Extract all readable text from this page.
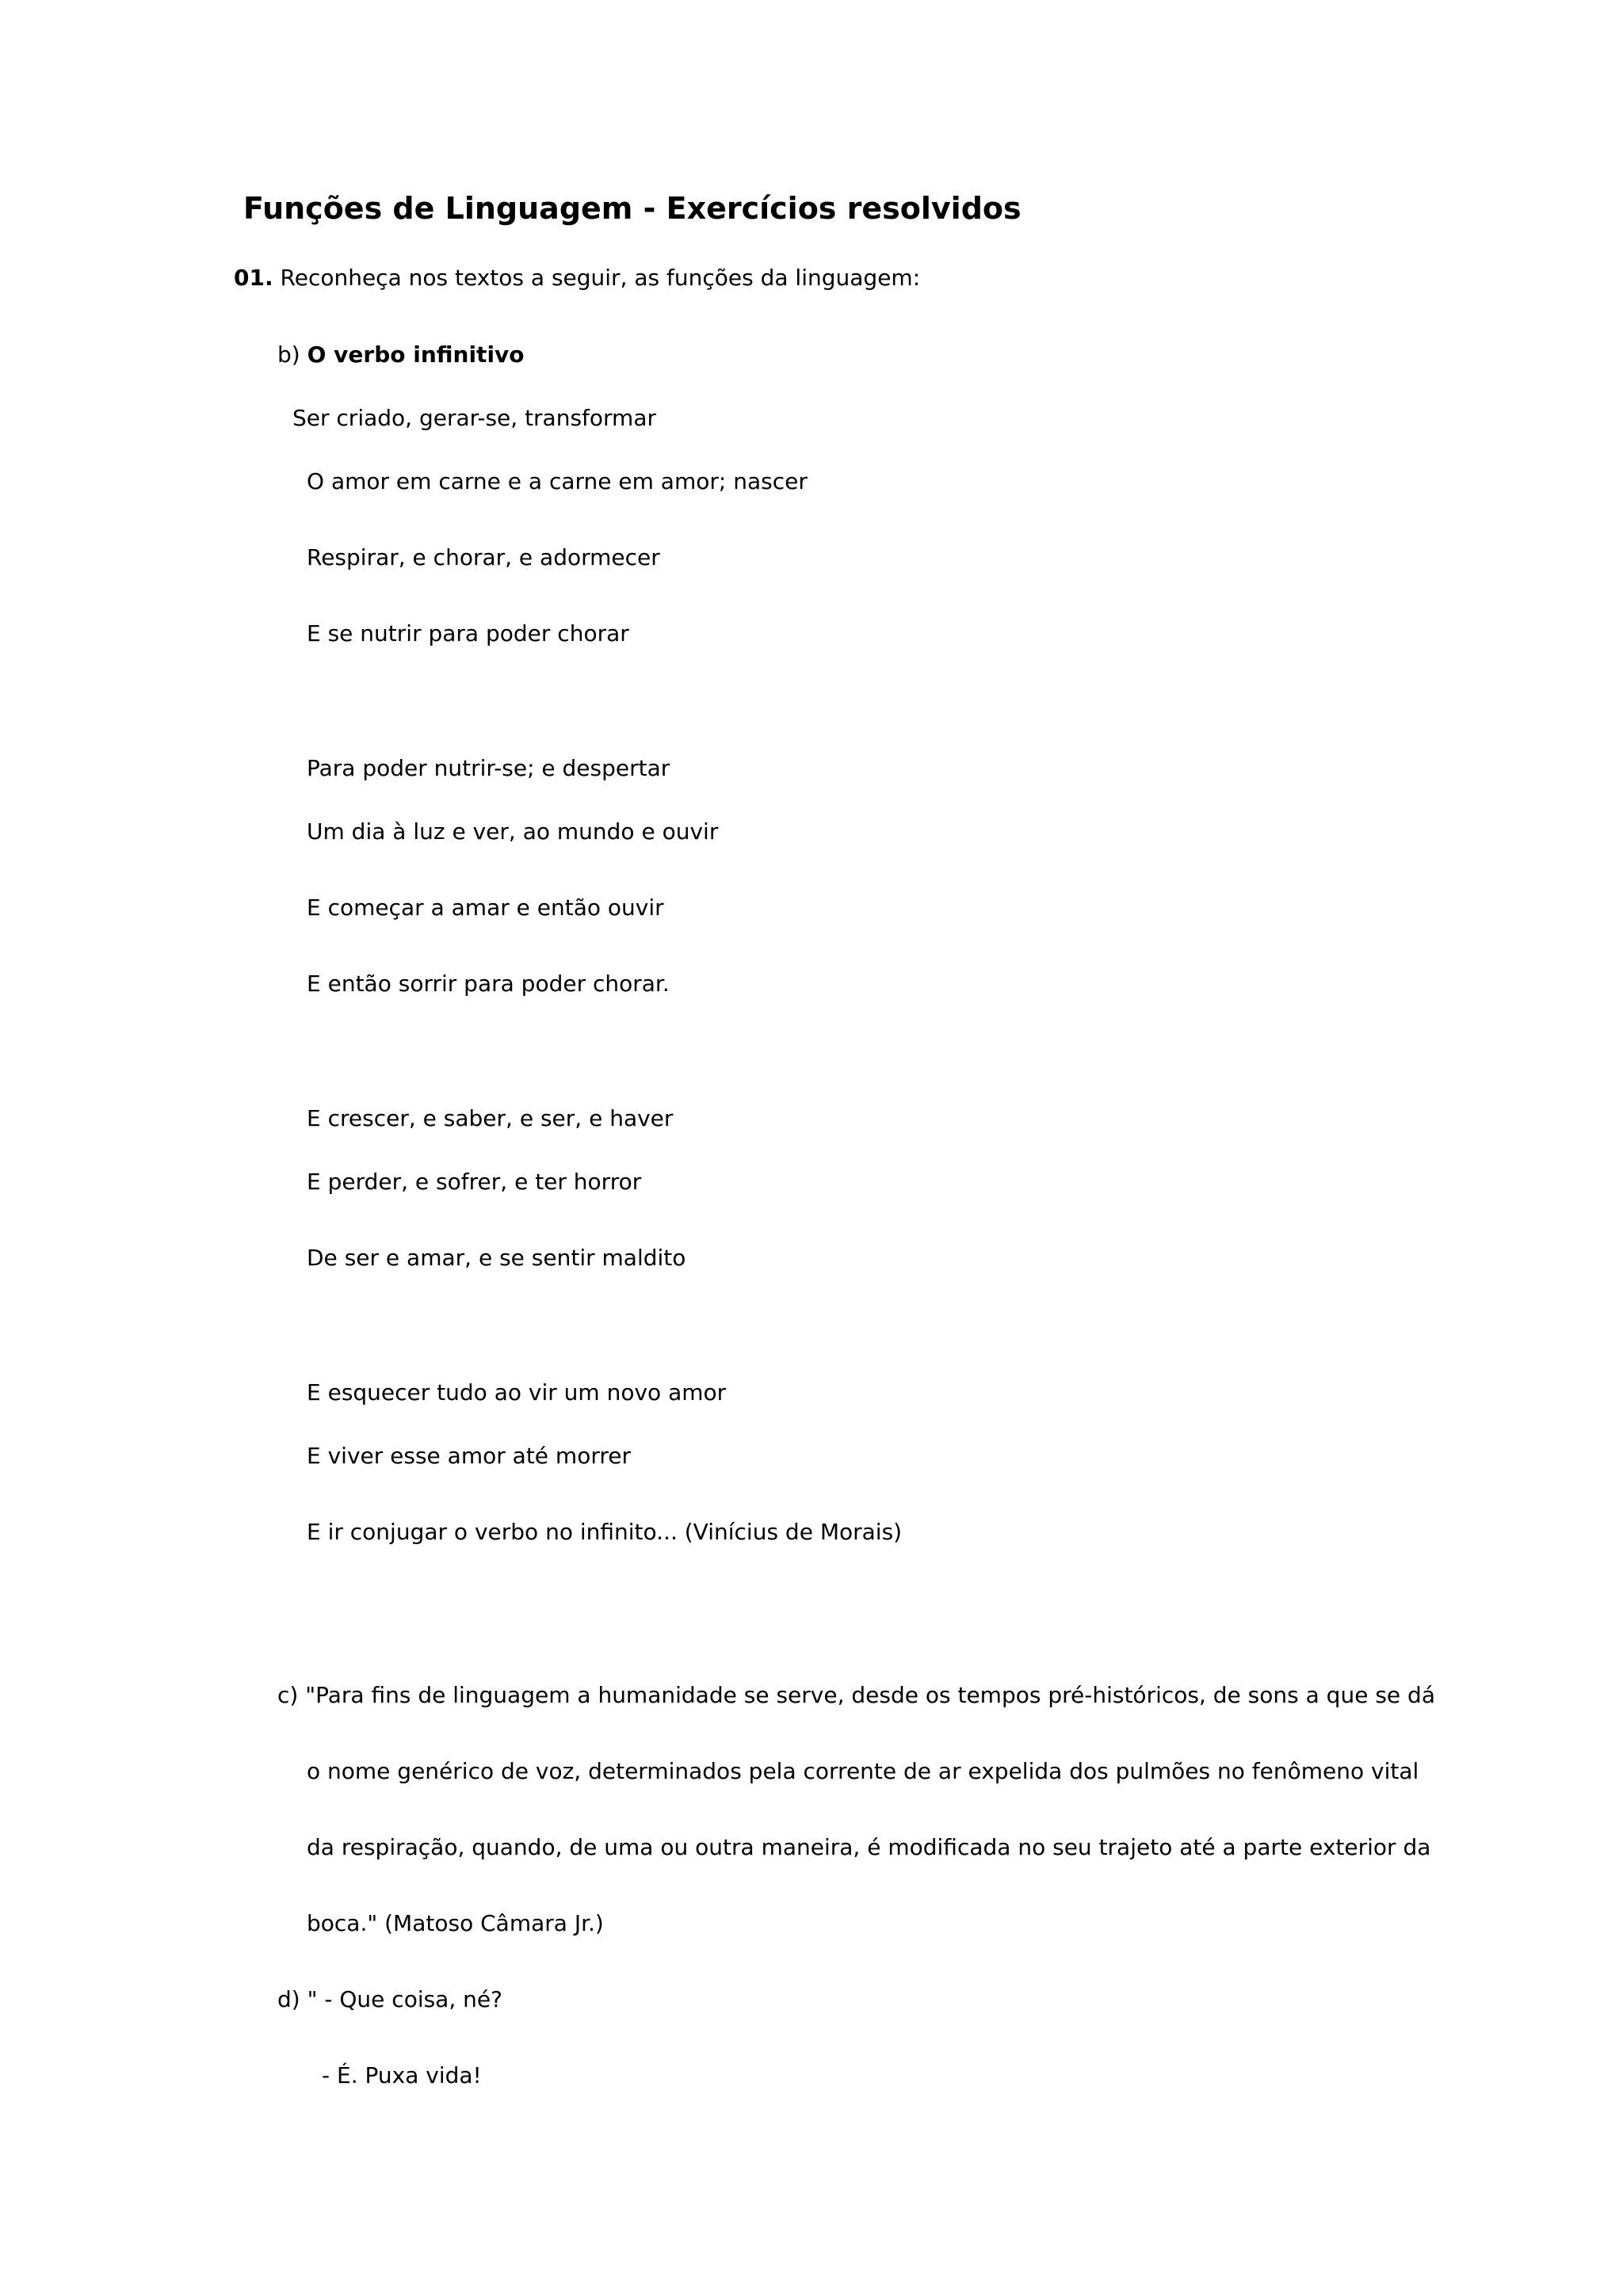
Funções de Linguagem - Exercícios resolvidos
01. Reconheça nos textos a seguir, as funções da linguagem:
b) O verbo infinitivo
Ser criado, gerar-se, transformar
O amor em carne e a carne em amor; nascer
Respirar, e chorar, e adormecer
E se nutrir para poder chorar
Para poder nutrir-se; e despertar
Um dia à luz e ver, ao mundo e ouvir
E começar a amar e então ouvir
E então sorrir para poder chorar.
E crescer, e saber, e ser, e haver
E perder, e sofrer, e ter horror
De ser e amar, e se sentir maldito
E esquecer tudo ao vir um novo amor
E viver esse amor até morrer
E ir conjugar o verbo no infinito... (Vinícius de Morais)
c) "Para fins de linguagem a humanidade se serve, desde os tempos pré-históricos, de sons a que se dá
o nome genérico de voz, determinados pela corrente de ar expelida dos pulmões no fenômeno vital
da respiração, quando, de uma ou outra maneira, é modificada no seu trajeto até a parte exterior da
boca." (Matoso Câmara Jr.)
d) " - Que coisa, né?
- É. Puxa vida!
